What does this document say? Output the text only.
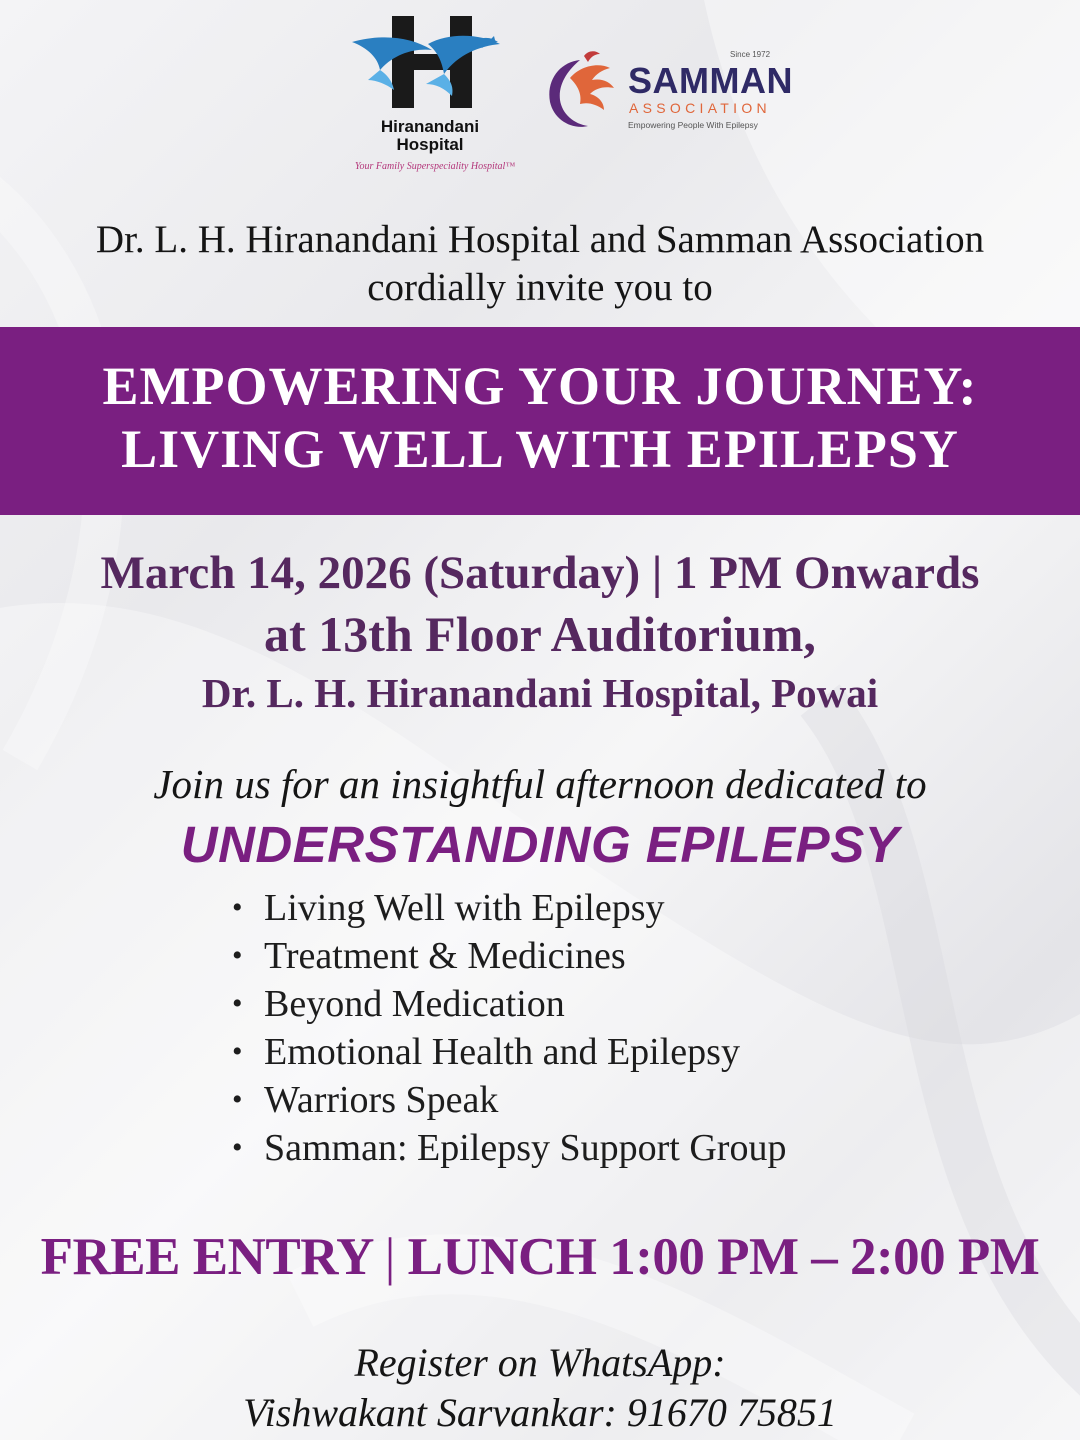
Hiranandani Hospital
Your Family Superspeciality Hospital™
Since 1972
SAMMAN
ASSOCIATION
Empowering People With Epilepsy
Dr. L. H. Hiranandani Hospital and Samman Association
cordially invite you to
EMPOWERING YOUR JOURNEY:
LIVING WELL WITH EPILEPSY
March 14, 2026 (Saturday) | 1 PM Onwards
at 13th Floor Auditorium,
Dr. L. H. Hiranandani Hospital, Powai
Join us for an insightful afternoon dedicated to
UNDERSTANDING EPILEPSY
• Living Well with Epilepsy
• Treatment & Medicines
• Beyond Medication
• Emotional Health and Epilepsy
• Warriors Speak
• Samman: Epilepsy Support Group
FREE ENTRY | LUNCH 1:00 PM – 2:00 PM
Register on WhatsApp:
Vishwakant Sarvankar: 91670 75851
